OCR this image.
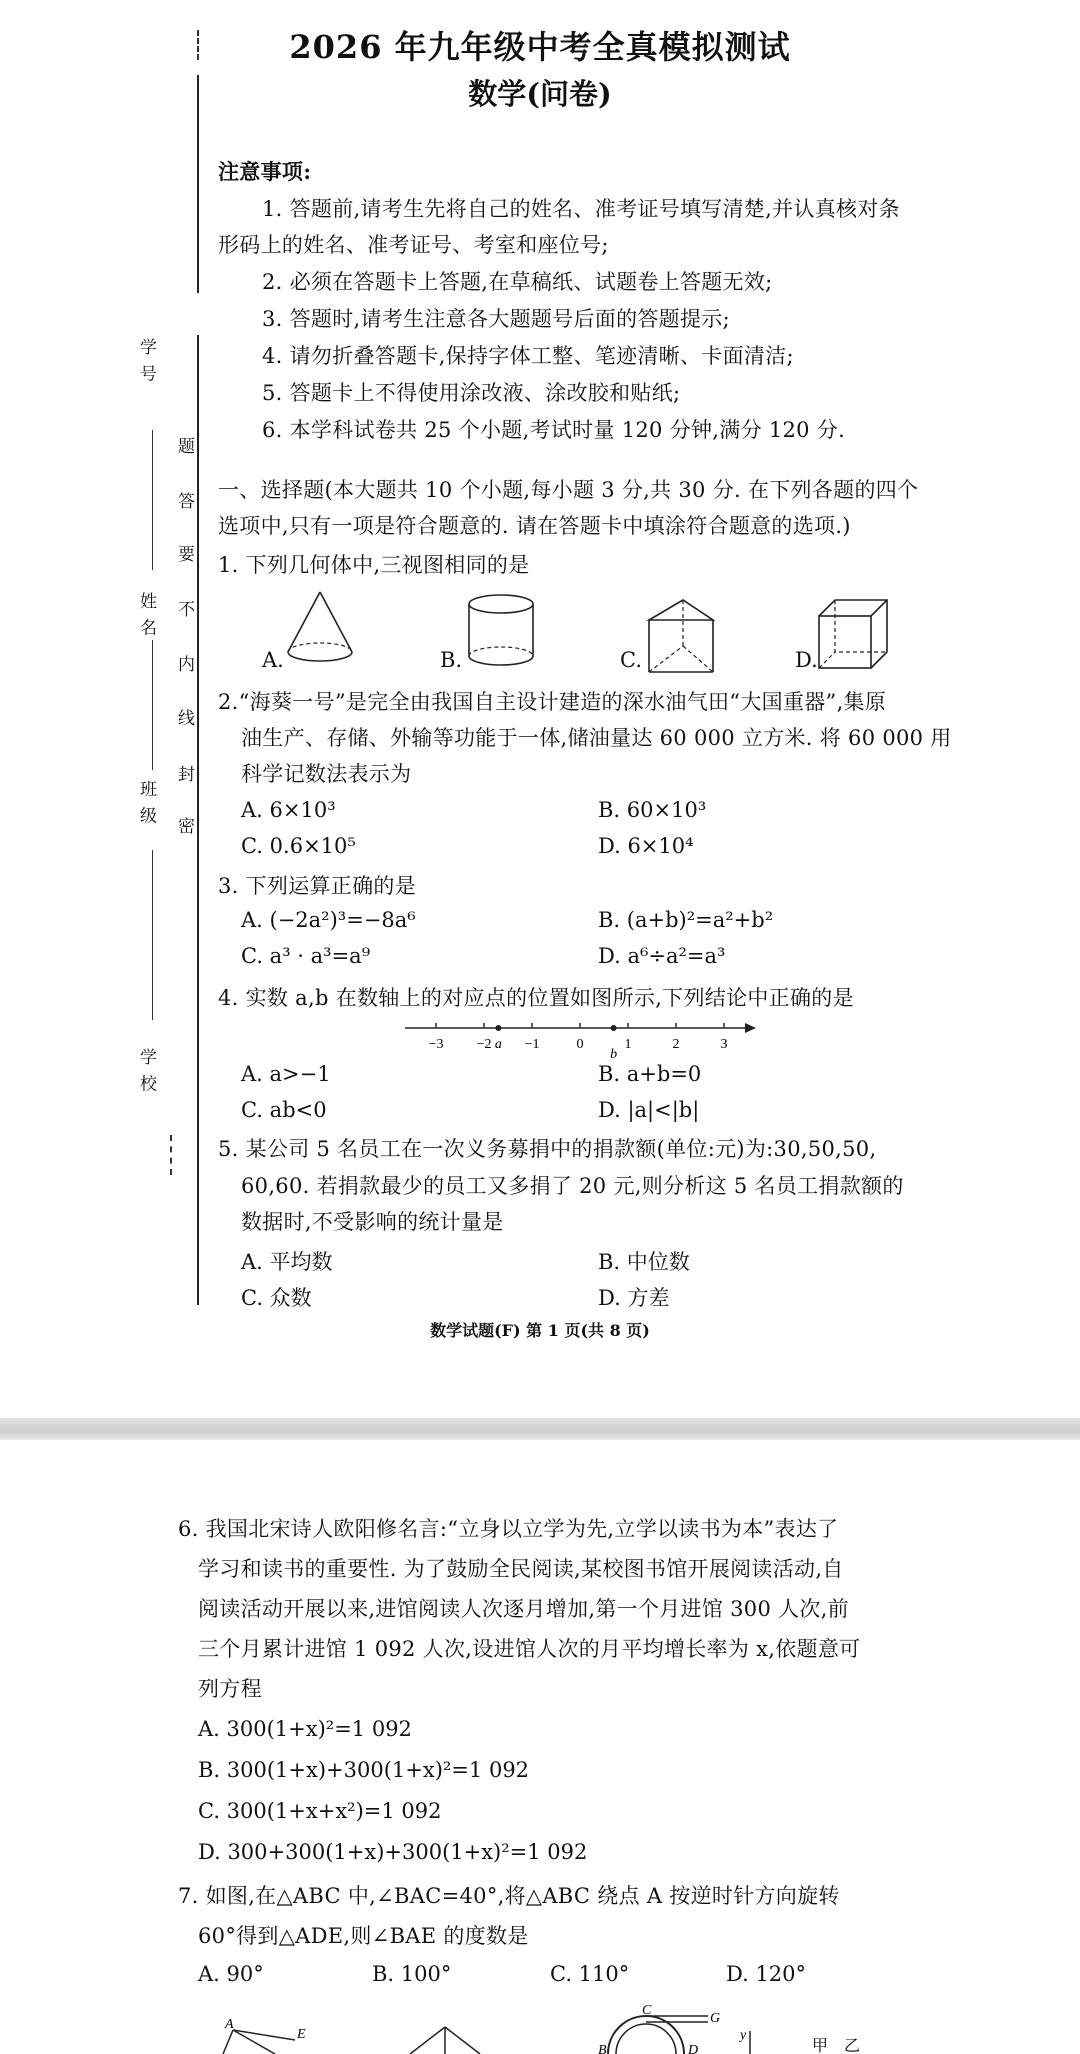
2026 年九年级中考全真模拟测试
数学(问卷)
题
答
要
不
内
线
封
密
学 号
姓 名
班 级
学 校
注意事项:
1. 答题前,请考生先将自己的姓名、准考证号填写清楚,并认真核对条
形码上的姓名、准考证号、考室和座位号;
2. 必须在答题卡上答题,在草稿纸、试题卷上答题无效;
3. 答题时,请考生注意各大题题号后面的答题提示;
4. 请勿折叠答题卡,保持字体工整、笔迹清晰、卡面清洁;
5. 答题卡上不得使用涂改液、涂改胶和贴纸;
6. 本学科试卷共 25 个小题,考试时量 120 分钟,满分 120 分.
一、选择题(本大题共 10 个小题,每小题 3 分,共 30 分. 在下列各题的四个
选项中,只有一项是符合题意的. 请在答题卡中填涂符合题意的选项.)
1. 下列几何体中,三视图相同的是
A.	B.	C.	D.
2.“海葵一号”是完全由我国自主设计建造的深水油气田“大国重器”,集原
油生产、存储、外输等功能于一体,储油量达 60 000 立方米. 将 60 000 用
科学记数法表示为
A. 6×10³	B. 60×10³
C. 0.6×10⁵	D. 6×10⁴
3. 下列运算正确的是
A. (−2a²)³=−8a⁶	B. (a+b)²=a²+b²
C. a³ · a³=a⁹	D. a⁶÷a²=a³
4. 实数 a,b 在数轴上的对应点的位置如图所示,下列结论中正确的是
−3 −2 −1	0	1	2	3
a
b
A. a>−1	B. a+b=0
C. ab<0	D. |a|<|b|
5. 某公司 5 名员工在一次义务募捐中的捐款额(单位:元)为:30,50,50,
60,60. 若捐款最少的员工又多捐了 20 元,则分析这 5 名员工捐款额的
数据时,不受影响的统计量是
A. 平均数	B. 中位数
C. 众数	D. 方差
数学试题(F) 第 1 页(共 8 页)
6. 我国北宋诗人欧阳修名言:“立身以立学为先,立学以读书为本”表达了
学习和读书的重要性. 为了鼓励全民阅读,某校图书馆开展阅读活动,自
阅读活动开展以来,进馆阅读人次逐月增加,第一个月进馆 300 人次,前
三个月累计进馆 1 092 人次,设进馆人次的月平均增长率为 x,依题意可
列方程
A. 300(1+x)²=1 092
B. 300(1+x)+300(1+x)²=1 092
C. 300(1+x+x²)=1 092
D. 300+300(1+x)+300(1+x)²=1 092
7. 如图,在△ABC 中,∠BAC=40°,将△ABC 绕点 A 按逆时针方向旋转
60°得到△ADE,则∠BAE 的度数是
A. 90°	B. 100°	C. 110°	D. 120°
A
E
C
G
B	D
y
甲 乙
